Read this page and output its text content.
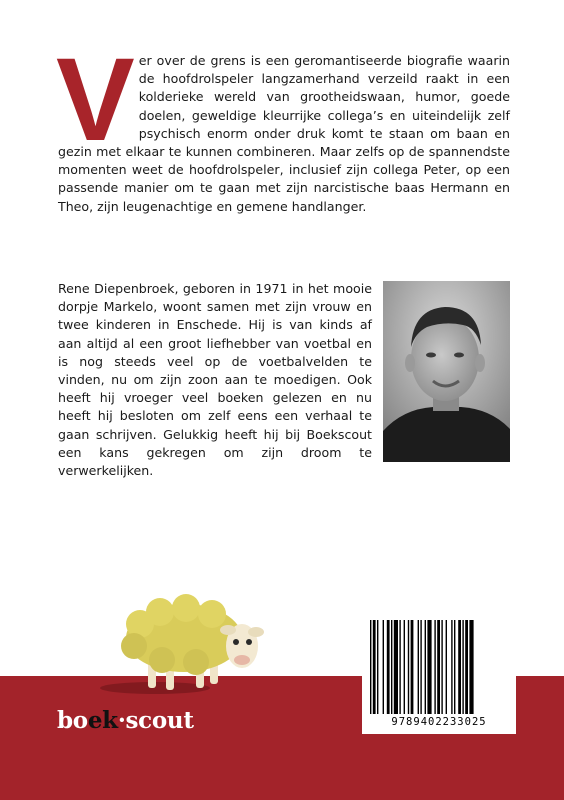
V er over de grens is een geromantiseerde biografie waarin de hoofdrolspeler langzamerhand verzeild raakt in een kolderieke wereld van grootheidswaan, humor, goede doelen, geweldige kleurrijke collega’s en uiteindelijk zelf psychisch enorm onder druk komt te staan om baan en gezin met elkaar te kunnen combineren. Maar zelfs op de spannendste momenten weet de hoofdrolspeler, inclusief zijn collega Peter, op een passende manier om te gaan met zijn narcistische baas Hermann en Theo, zijn leugenachtige en gemene handlanger.

Rene Diepenbroek, geboren in 1971 in het mooie dorpje Markelo, woont samen met zijn vrouw en twee kinderen in Enschede. Hij is van kinds af aan altijd al een groot liefhebber van voetbal en is nog steeds veel op de voetbalvelden te vinden, nu om zijn zoon aan te moedigen. Ook heeft hij vroeger veel boeken gelezen en nu heeft hij besloten om zelf eens een verhaal te gaan schrijven. Gelukkig heeft hij bij Boekscout een kans gekregen om zijn droom te verwerkelijken.

boek·scout	9789402233025
